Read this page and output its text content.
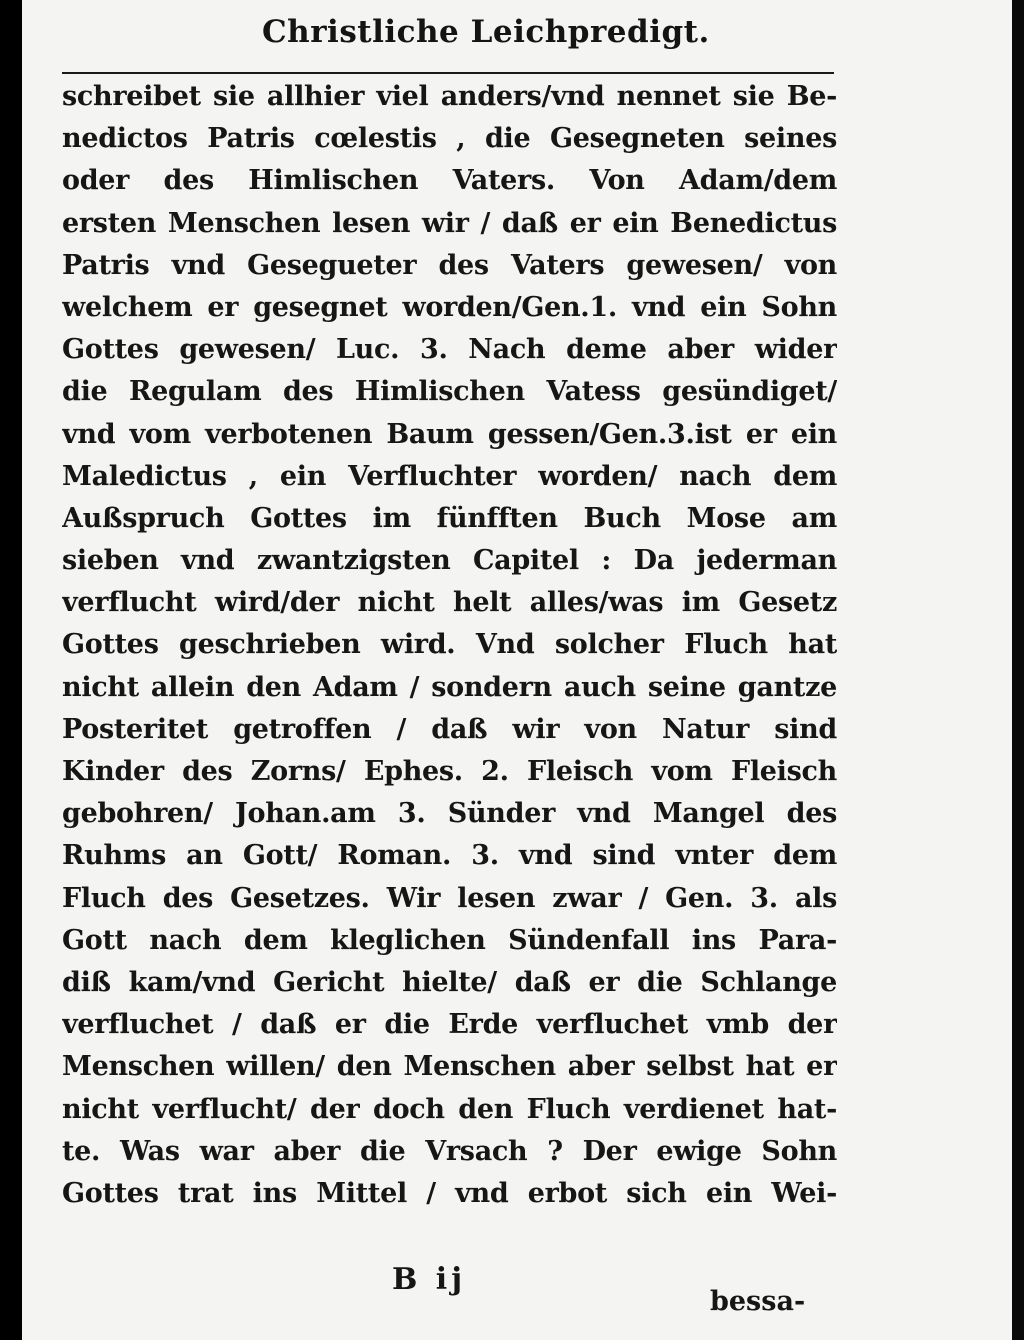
Christliche Leichpredigt.
schreibet sie allhier viel anders/vnd nennet sie Be-
nedictos Patris cœlestis , die Gesegneten seines
oder des Himlischen Vaters. Von Adam/dem
ersten Menschen lesen wir / daß er ein Benedictus
Patris vnd Gesegueter des Vaters gewesen/ von
welchem er gesegnet worden/Gen.1. vnd ein Sohn
Gottes gewesen/ Luc. 3. Nach deme aber wider
die Regulam des Himlischen Vatess gesündiget/
vnd vom verbotenen Baum gessen/Gen.3.ist er ein
Maledictus , ein Verfluchter worden/ nach dem
Außspruch Gottes im fünfften Buch Mose am
sieben vnd zwantzigsten Capitel : Da jederman
verflucht wird/der nicht helt alles/was im Gesetz
Gottes geschrieben wird. Vnd solcher Fluch hat
nicht allein den Adam / sondern auch seine gantze
Posteritet getroffen / daß wir von Natur sind
Kinder des Zorns/ Ephes. 2. Fleisch vom Fleisch
gebohren/ Johan.am 3. Sünder vnd Mangel des
Ruhms an Gott/ Roman. 3. vnd sind vnter dem
Fluch des Gesetzes. Wir lesen zwar / Gen. 3. als
Gott nach dem kleglichen Sündenfall ins Para-
diß kam/vnd Gericht hielte/ daß er die Schlange
verfluchet / daß er die Erde verfluchet vmb der
Menschen willen/ den Menschen aber selbst hat er
nicht verflucht/ der doch den Fluch verdienet hat-
te. Was war aber die Vrsach ? Der ewige Sohn
Gottes trat ins Mittel / vnd erbot sich ein Wei-
B ij
bessa-
